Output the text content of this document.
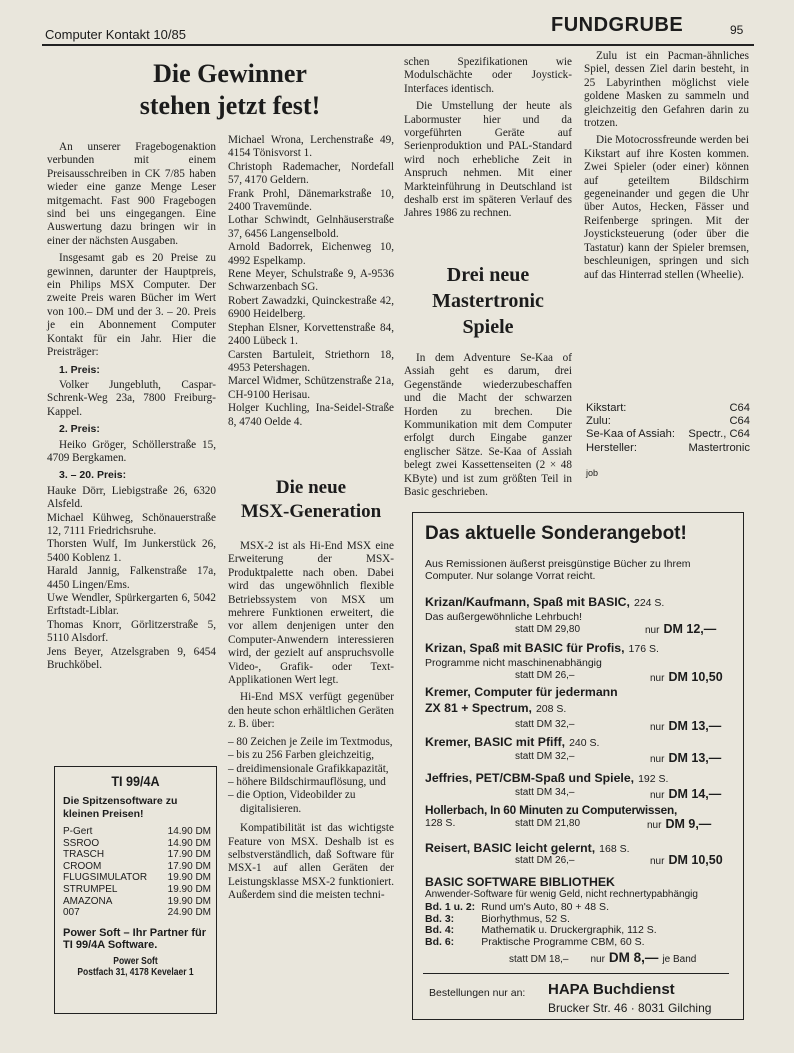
Computer Kontakt 10/85	FUNDGRUBE	95
Die Gewinner
stehen jetzt fest!

An unserer Fragebogenaktion verbunden mit einem Preisausschreiben in CK 7/85 haben wieder eine ganze Menge Leser mitgemacht. Fast 900 Fragebogen sind bei uns eingegangen. Eine Auswertung dazu bringen wir in einer der nächsten Ausgaben.

Insgesamt gab es 20 Preise zu gewinnen, darunter der Hauptpreis, ein Philips MSX Computer. Der zweite Preis waren Bücher im Wert von 100.– DM und der 3. – 20. Preis je ein Abonnement Computer Kontakt für ein Jahr. Hier die Preisträger:

1. Preis:

Volker Jungebluth, Caspar-Schrenk-Weg 23a, 7800 Freiburg-Kappel.

2. Preis:

Heiko Gröger, Schöllerstraße 15, 4709 Bergkamen.

3. – 20. Preis:
Hauke Dörr, Liebigstraße 26, 6320 Alsfeld.
Michael Kühweg, Schönauerstraße 12, 7111 Friedrichsruhe.
Thorsten Wulf, Im Junkerstück 26, 5400 Koblenz 1.
Harald Jannig, Falkenstraße 17a, 4450 Lingen/Ems.
Uwe Wendler, Spürkergarten 6, 5042 Erftstadt-Liblar.
Thomas Knorr, Görlitzerstraße 5, 5110 Alsdorf.
Jens Beyer, Atzelsgraben 9, 6454 Bruchköbel.
Michael Wrona, Lerchenstraße 49, 4154 Tönisvorst 1.
Christoph Rademacher, Nordefall 57, 4170 Geldern.
Frank Prohl, Dänemarkstraße 10, 2400 Travemünde.
Lothar Schwindt, Gelnhäuserstraße 37, 6456 Langenselbold.
Arnold Badorrek, Eichenweg 10, 4992 Espelkamp.
Rene Meyer, Schulstraße 9, A-9536 Schwarzenbach SG.
Robert Zawadzki, Quinckestraße 42, 6900 Heidelberg.
Stephan Elsner, Korvettenstraße 84, 2400 Lübeck 1.
Carsten Bartuleit, Striethorn 18, 4953 Petershagen.
Marcel Widmer, Schützenstraße 21a, CH-9100 Herisau.
Holger Kuchling, Ina-Seidel-Straße 8, 4740 Oelde 4.
Die neue
MSX-Generation

MSX-2 ist als Hi-End MSX eine Erweiterung der MSX-Produktpalette nach oben. Dabei wird das ungewöhnlich flexible Betriebssystem von MSX um mehrere Funktionen erweitert, die vor allem denjenigen unter den Computer-Anwendern interessieren wird, der gezielt auf anspruchsvolle Video-, Grafik- oder Text-Applikationen Wert legt.

Hi-End MSX verfügt gegenüber den heute schon erhältlichen Geräten z. B. über:

– 80 Zeichen je Zeile im Textmodus,
– bis zu 256 Farben gleichzeitig,
– dreidimensionale Grafikkapazität,
– höhere Bildschirmauflösung, und
– die Option, Videobilder zu digitalisieren.

Kompatibilität ist das wichtigste Feature von MSX. Deshalb ist es selbstverständlich, daß Software für MSX-1 auf allen Geräten der Leistungsklasse MSX-2 funktioniert. Außerdem sind die meisten techni-

schen Spezifikationen wie Modulschächte oder Joystick-Interfaces identisch.

Die Umstellung der heute als Labormuster hier und da vorgeführten Geräte auf Serienproduktion und PAL-Standard wird noch erhebliche Zeit in Anspruch nehmen. Mit einer Markteinführung in Deutschland ist deshalb erst im späteren Verlauf des Jahres 1986 zu rechnen.

Drei neue
Mastertronic
Spiele

In dem Adventure Se-Kaa of Assiah geht es darum, drei Gegenstände wiederzubeschaffen und die Macht der schwarzen Horden zu brechen. Die Kommunikation mit dem Computer erfolgt durch Eingabe ganzer englischer Sätze. Se-Kaa of Assiah belegt zwei Kassettenseiten (2 × 48 KByte) und ist zum größten Teil in Basic geschrieben.

Zulu ist ein Pacman-ähnliches Spiel, dessen Ziel darin besteht, in 25 Labyrinthen möglichst viele goldene Masken zu sammeln und gleichzeitig den Gefahren darin zu trotzen.

Die Motocrossfreunde werden bei Kikstart auf ihre Kosten kommen. Zwei Spieler (oder einer) können auf geteiltem Bildschirm gegeneinander und gegen die Uhr über Autos, Hecken, Fässer und Reifenberge springen. Mit der Joysticksteuerung (oder über die Tastatur) kann der Spieler bremsen, beschleunigen, springen und sich auf das Hinterrad stellen (Wheelie).

Kikstart:	C64
Zulu:	C64
Se-Kaa of Assiah:	Spectr., C64
Hersteller:	Mastertronic
job
TI 99/4A
Die Spitzensoftware zu kleinen Preisen!
P-Gert	14.90 DM
SSROO	14.90 DM
TRASCH	17.90 DM
CROOM	17.90 DM
FLUGSIMULATOR	19.90 DM
STRUMPEL	19.90 DM
AMAZONA	19.90 DM
007	24.90 DM
Power Soft – Ihr Partner für TI 99/4A Software.
Power Soft
Postfach 31, 4178 Kevelaer 1
Das aktuelle Sonderangebot!
Aus Remissionen äußerst preisgünstige Bücher zu Ihrem Computer. Nur solange Vorrat reicht.
Krizan/Kaufmann, Spaß mit BASIC, 224 S.
Das außergewöhnliche Lehrbuch!
statt DM 29,80	nur DM 12,—
Krizan, Spaß mit BASIC für Profis, 176 S.
Programme nicht maschinenabhängig
statt DM 26,–	nur DM 10,50
Kremer, Computer für jedermann
ZX 81 + Spectrum, 208 S.
statt DM 32,–	nur DM 13,—
Kremer, BASIC mit Pfiff, 240 S.
statt DM 32,–	nur DM 13,—
Jeffries, PET/CBM-Spaß und Spiele, 192 S.
statt DM 34,–	nur DM 14,—
Hollerbach, In 60 Minuten zu Computerwissen,
128 S.	statt DM 21,80	nur DM 9,—
Reisert, BASIC leicht gelernt, 168 S.
statt DM 26,–	nur DM 10,50
BASIC SOFTWARE BIBLIOTHEK
Anwender-Software für wenig Geld, nicht rechnertypabhängig
Bd. 1 u. 2:	Rund um's Auto, 80 + 48 S.
Bd. 3:	Biorhythmus, 52 S.
Bd. 4:	Mathematik u. Druckergraphik, 112 S.
Bd. 6:	Praktische Programme CBM, 60 S.
statt DM 18,– nur DM 8,— je Band
Bestellungen nur an: HAPA Buchdienst
Brucker Str. 46 · 8031 Gilching
